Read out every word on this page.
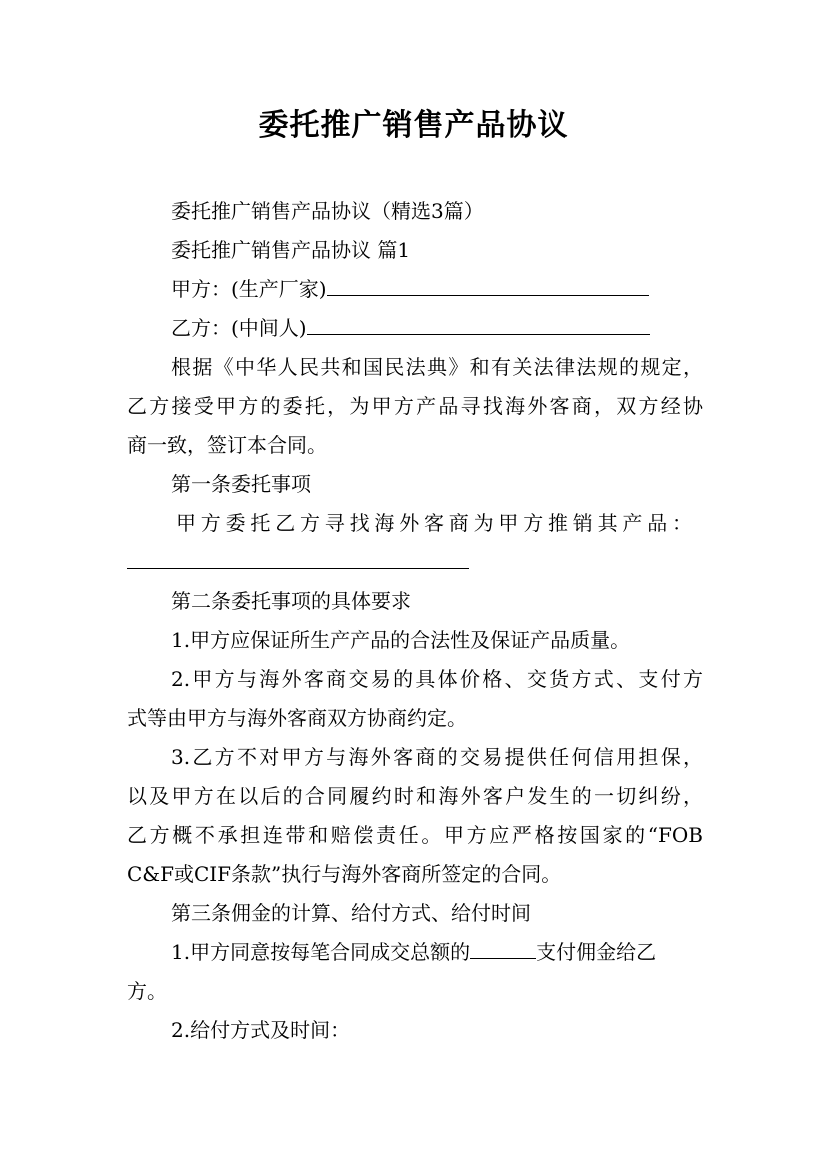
委托推广销售产品协议
委托推广销售产品协议（精选3篇）
委托推广销售产品协议 篇1
甲方：(生产厂家)
乙方：(中间人)
根据《中华人民共和国民法典》和有关法律法规的规定，
乙方接受甲方的委托，为甲方产品寻找海外客商，双方经协
商一致，签订本合同。
第一条委托事项
甲方委托乙方寻找海外客商为甲方推销其产品：
第二条委托事项的具体要求
1.甲方应保证所生产产品的合法性及保证产品质量。
2.甲方与海外客商交易的具体价格、交货方式、支付方
式等由甲方与海外客商双方协商约定。
3.乙方不对甲方与海外客商的交易提供任何信用担保，
以及甲方在以后的合同履约时和海外客户发生的一切纠纷，
乙方概不承担连带和赔偿责任。甲方应严格按国家的“FOB
C&F或CIF条款”执行与海外客商所签定的合同。
第三条佣金的计算、给付方式、给付时间
1.甲方同意按每笔合同成交总额的	支付佣金给乙
方。
2.给付方式及时间：
